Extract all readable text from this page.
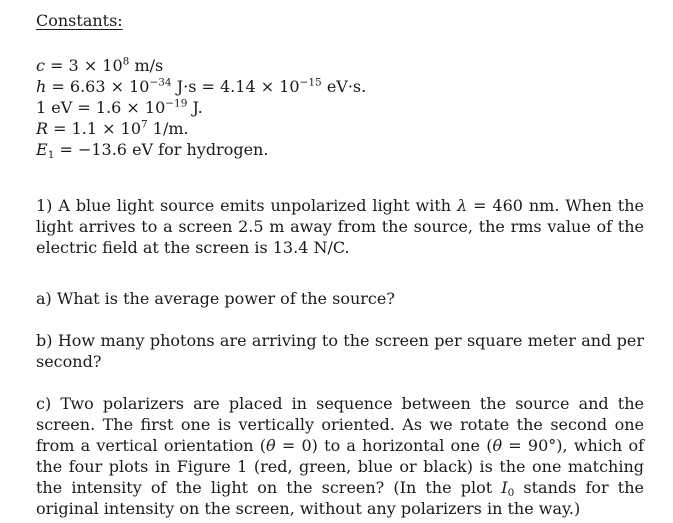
Constants:
$c = 3 \times 10^8$ m/s
$h = 6.63 \times 10^{-34}$ $J\cdot s = 4.14 \times 10^{-15}$ eV·s.
1 eV = $1.6 \times 10^{-19}$ J.
$R = 1.1 \times 10^7$ 1/m.
$E_1 = -13.6$ eV for hydrogen.
1) A blue light source emits unpolarized light with λ = 460 nm. When the light arrives to a screen 2.5 m away from the source, the rms value of the electric field at the screen is 13.4 N/C.
a) What is the average power of the source?
b) How many photons are arriving to the screen per square meter and per second?
c) Two polarizers are placed in sequence between the source and the screen. The first one is vertically oriented. As we rotate the second one from a vertical orientation (θ = 0) to a horizontal one (θ = 90°), which of the four plots in Figure 1 (red, green, blue or black) is the one matching the intensity of the light on the screen? (In the plot $I_0$ stands for the original intensity on the screen, without any polarizers in the way.)
